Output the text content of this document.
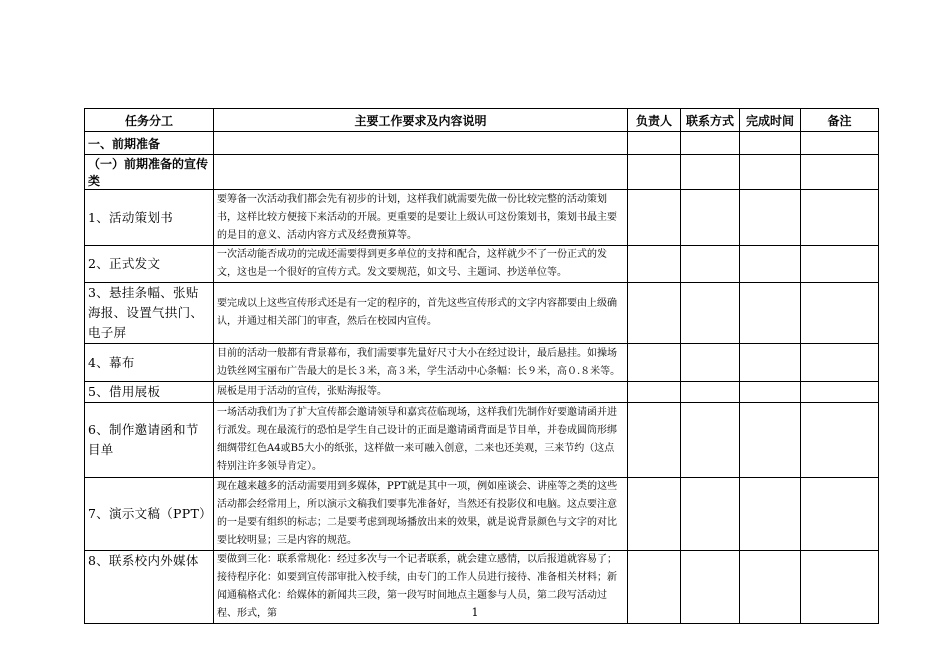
任务分工	主要工作要求及内容说明	负责人	联系方式	完成时间	备注
一、前期准备					
（一）前期准备的宣传类					
1、活动策划书	要筹备一次活动我们都会先有初步的计划，这样我们就需要先做一份比较完整的活动策划书，这样比较方便接下来活动的开展。更重要的是要让上级认可这份策划书，策划书最主要的是目的意义、活动内容方式及经费预算等。				
2、正式发文	一次活动能否成功的完成还需要得到更多单位的支持和配合，这样就少不了一份正式的发文，这也是一个很好的宣传方式。发文要规范，如文号、主题词、抄送单位等。				
3、悬挂条幅、张贴海报、设置气拱门、电子屏	要完成以上这些宣传形式还是有一定的程序的，首先这些宣传形式的文字内容都要由上级确认，并通过相关部门的审查，然后在校园内宣传。				
4、幕布	目前的活动一般都有背景幕布，我们需要事先量好尺寸大小在经过设计，最后悬挂。如操场边铁丝网宝丽布广告最大的是长３米，高３米，学生活动中心条幅：长９米，高０.８米等。				
5、借用展板	展板是用于活动的宣传，张贴海报等。				
6、制作邀请函和节目单	一场活动我们为了扩大宣传都会邀请领导和嘉宾莅临现场，这样我们先制作好要邀请函并进行派发。现在最流行的恐怕是学生自己设计的正面是邀请函背面是节目单，并卷成圆筒形绑细绸带红色A4或B5大小的纸张，这样做一来可融入创意，二来也还美观，三来节约（这点特别注许多领导肯定）。				
7、演示文稿（PPT）	现在越来越多的活动需要用到多媒体，PPT就是其中一项，例如座谈会、讲座等之类的这些活动都会经常用上，所以演示文稿我们要事先准备好，当然还有投影仪和电脑。这点要注意的一是要有组织的标志；二是要考虑到现场播放出来的效果，就是说背景颜色与文字的对比要比较明显；三是内容的规范。				
8、联系校内外媒体	要做到三化：联系常规化：经过多次与一个记者联系，就会建立感情，以后报道就容易了；接待程序化：如要到宣传部审批入校手续，由专门的工作人员进行接待、准备相关材料；新闻通稿格式化：给媒体的新闻共三段，第一段写时间地点主题参与人员，第二段写活动过程、形式，第					1
